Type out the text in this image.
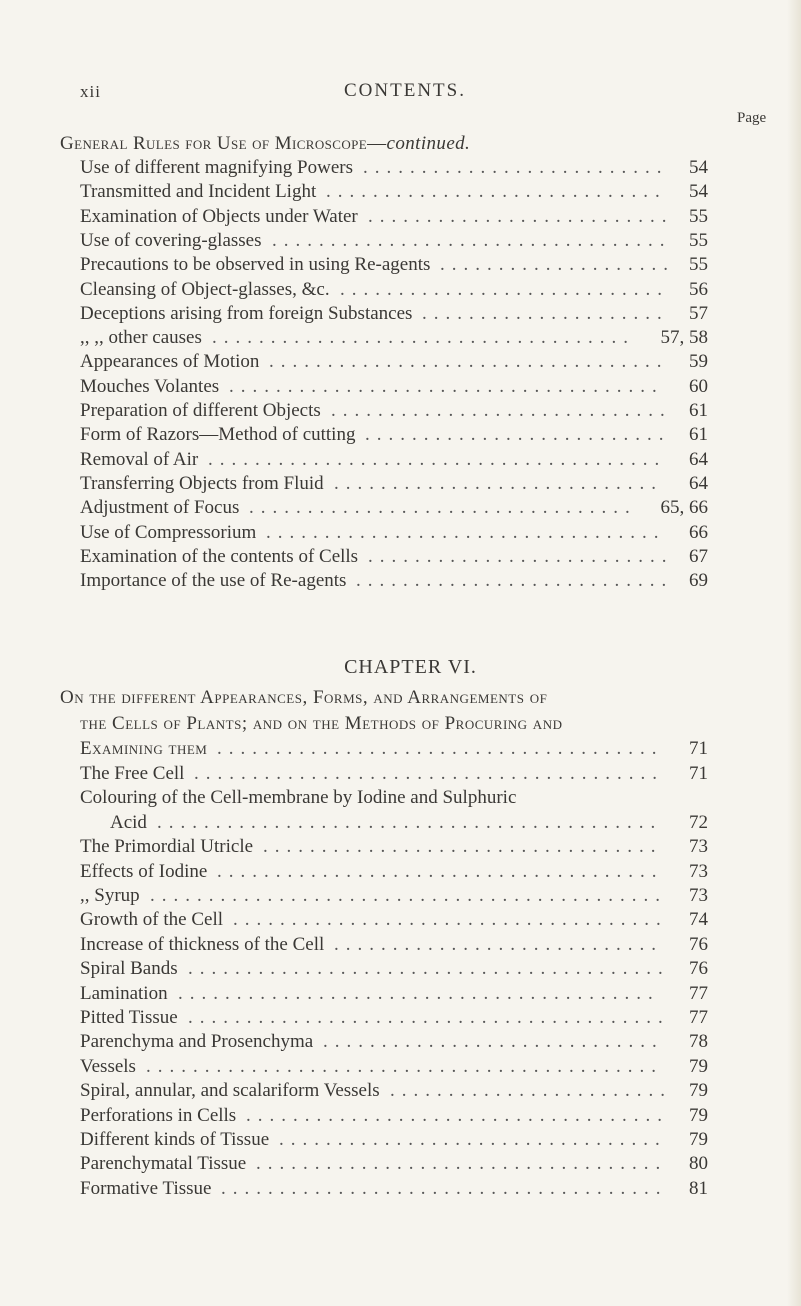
xii	CONTENTS.
Page
General Rules for Use of Microscope—continued.
Use of different magnifying Powers .......................... 54
Transmitted and Incident Light ............................. 54
Examination of Objects under Water .......................... 55
Use of covering-glasses .................................. 55
Precautions to be observed in using Re-agents .................... 55
Cleansing of Object-glasses, &c. ............................ 56
Deceptions arising from foreign Substances ..................... 57
,, ,, other causes .................................... 57, 58
Appearances of Motion .................................. 59
Mouches Volantes ..................................... 60
Preparation of different Objects ............................. 61
Form of Razors—Method of cutting .......................... 61
Removal of Air ....................................... 64
Transferring Objects from Fluid ............................ 64
Adjustment of Focus ................................. 65, 66
Use of Compressorium .................................. 66
Examination of the contents of Cells .......................... 67
Importance of the use of Re-agents ........................... 69
CHAPTER VI.
On the different Appearances, Forms, and Arrangements of
the Cells of Plants; and on the Methods of Procuring and
Examining them ...................................... 71
The Free Cell ........................................ 71
Colouring of the Cell-membrane by Iodine and Sulphuric
Acid ........................................... 72
The Primordial Utricle .................................. 73
Effects of Iodine ...................................... 73
,, Syrup ............................................ 73
Growth of the Cell ..................................... 74
Increase of thickness of the Cell ............................ 76
Spiral Bands ......................................... 76
Lamination ......................................... 77
Pitted Tissue ......................................... 77
Parenchyma and Prosenchyma ............................. 78
Vessels ............................................ 79
Spiral, annular, and scalariform Vessels ........................ 79
Perforations in Cells .................................... 79
Different kinds of Tissue ................................. 79
Parenchymatal Tissue ................................... 80
Formative Tissue ...................................... 81
